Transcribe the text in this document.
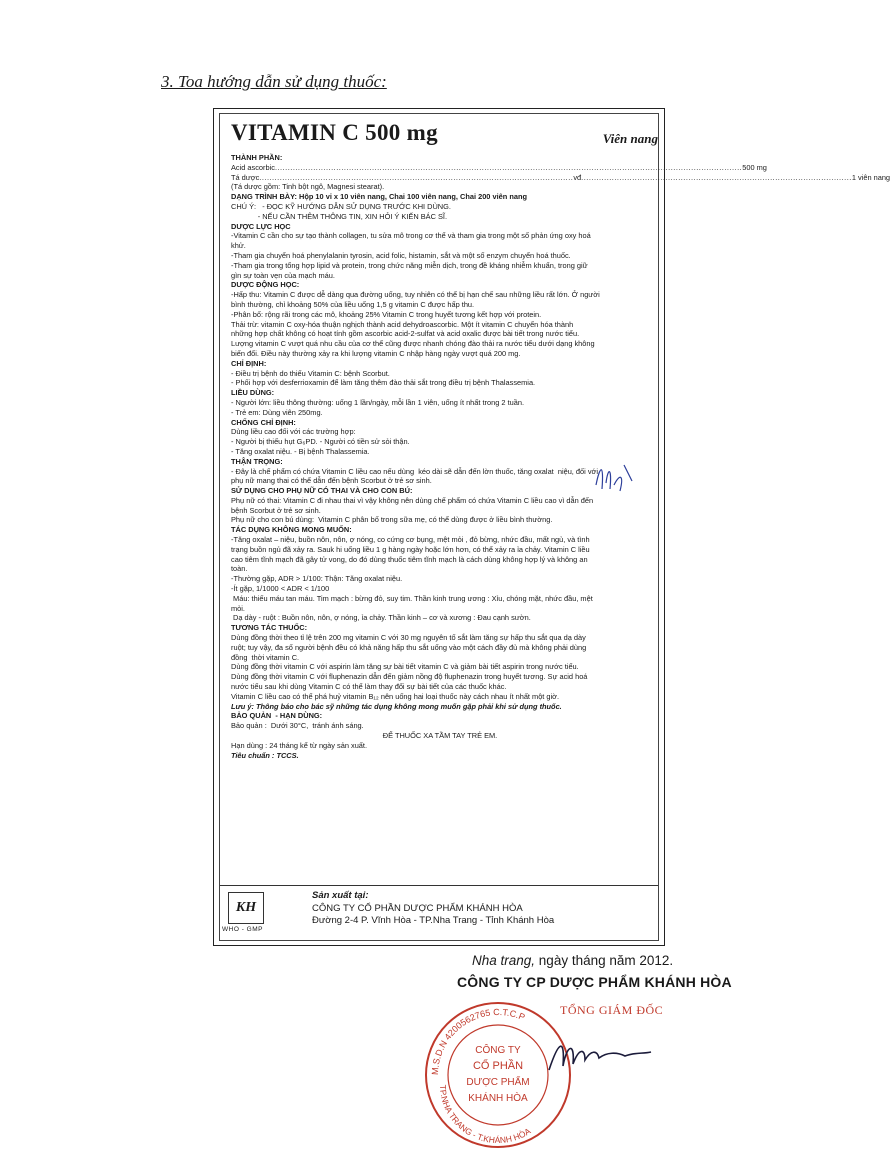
3. Toa hướng dẫn sử dụng thuốc:
VITAMIN C 500 mg	Viên nang
THÀNH PHẦN:
Acid ascorbic ....................................................................................................................................................................................... 500 mg
Tá dược ........................................................................................................................... vđ .......................................................................................................... 1 viên nang
(Tá dược gồm: Tinh bột ngô, Magnesi stearat).
DẠNG TRÌNH BÀY: Hộp 10 vỉ x 10 viên nang, Chai 100 viên nang, Chai 200 viên nang
CHÚ Ý:   - ĐỌC KỸ HƯỚNG DẪN SỬ DỤNG TRƯỚC KHI DÙNG.
- NẾU CẦN THÊM THÔNG TIN, XIN HỎI Ý KIẾN BÁC SĨ.
DƯỢC LỰC HỌC
-Vitamin C cần cho sự tạo thành collagen, tu sửa mô trong cơ thể và tham gia trong một số phản ứng oxy hoá
khử.
-Tham gia chuyển hoá phenylalanin tyrosin, acid folic, histamin, sắt và một số enzym chuyển hoá thuốc.
-Tham gia trong tổng hợp lipid và protein, trong chức năng miễn dịch, trong đề kháng nhiễm khuẩn, trong giữ
gìn sự toàn vẹn của mạch máu.
DƯỢC ĐỘNG HỌC:
-Hấp thu: Vitamin C được dễ dàng qua đường uống, tuy nhiên có thể bị hạn chế sau những liều rất lớn. Ở người
bình thường, chỉ khoảng 50% của liều uống 1,5 g vitamin C được hấp thu.
-Phân bố: rộng rãi trong các mô, khoảng 25% Vitamin C trong huyết tương kết hợp với protein.
Thải trừ: vitamin C oxy-hóa thuận nghịch thành acid dehydroascorbic. Một ít vitamin C chuyển hóa thành
những hợp chất không có hoạt tính gồm ascorbic acid-2-sulfat và acid oxalic được bài tiết trong nước tiểu.
Lượng vitamin C vượt quá nhu cầu của cơ thể cũng được nhanh chóng đào thải ra nước tiểu dưới dạng không
biến đổi. Điều này thường xảy ra khi lượng vitamin C nhập hàng ngày vượt quá 200 mg.
CHỈ ĐỊNH:
- Điều trị bệnh do thiếu Vitamin C: bệnh Scorbut.
- Phối hợp với desferrioxamin để làm tăng thêm đào thải sắt trong điều trị bệnh Thalassemia.
LIỀU DÙNG:
- Người lớn: liều thông thường: uống 1 lần/ngày, mỗi lần 1 viên, uống ít nhất trong 2 tuần.
- Trẻ em: Dùng viên 250mg.
CHỐNG CHỈ ĐỊNH:
Dùng liều cao đối với các trường hợp:
- Người bị thiếu hụt G₆PD. - Người có tiền sử sỏi thận.
- Tăng oxalat niệu. - Bị bệnh Thalassemia.
THẬN TRỌNG:
- Đây là chế phẩm có chứa Vitamin C liều cao nếu dùng  kéo dài sẽ dẫn đến lờn thuốc, tăng oxalat  niệu, đối với
phụ nữ mang thai có thể dẫn đến bệnh Scorbut ở trẻ sơ sinh.
SỬ DỤNG CHO PHỤ NỮ CÓ THAI VÀ CHO CON BÚ:
Phụ nữ có thai: Vitamin C đi nhau thai vì vậy không nên dùng chế phẩm có chứa Vitamin C liều cao vì dẫn đến
bệnh Scorbut ở trẻ sơ sinh.
Phụ nữ cho con bú dùng:  Vitamin C phân bố trong sữa mẹ, có thể dùng được ở liều bình thường.
TÁC DỤNG KHÔNG MONG MUỐN:
-Tăng oxalat – niệu, buồn nôn, nôn, ợ nóng, co cứng cơ bụng, mệt mỏi , đỏ bừng, nhức đầu, mất ngủ, và tình
trạng buồn ngủ đã xảy ra. Sauk hi uống liều 1 g hàng ngày hoặc lớn hơn, có thể xảy ra ỉa chảy. Vitamin C liều
cao tiêm tĩnh mạch đã gây tử vong, do đó dùng thuốc tiêm tĩnh mạch là cách dùng không hợp lý và không an
toàn.
-Thường gặp, ADR > 1/100: Thận: Tăng oxalat niệu.
-Ít gặp, 1/1000 < ADR < 1/100
Máu: thiếu máu tan máu. Tim mạch : bừng đỏ, suy tim. Thần kinh trung ương : Xỉu, chóng mặt, nhức đầu, mệt
mỏi.
Dạ dày - ruột : Buồn nôn, nôn, ợ nóng, ỉa chảy. Thần kinh – cơ và xương : Đau cạnh sườn.
TƯƠNG TÁC THUỐC:
Dùng đồng thời theo tỉ lệ trên 200 mg vitamin C với 30 mg nguyên tố sắt làm tăng sự hấp thu sắt qua dạ dày
ruột; tuy vậy, đa số người bệnh đều có khả năng hấp thu sắt uống vào một cách đầy đủ mà không phải dùng
đồng  thời vitamin C.
Dùng đồng thời vitamin C với aspirin làm tăng sự bài tiết vitamin C và giảm bài tiết aspirin trong nước tiểu.
Dùng đồng thời vitamin C với fluphenazin dẫn đến giảm nồng độ fluphenazin trong huyết tương. Sự acid hoá
nước tiểu sau khi dùng Vitamin C có thể làm thay đổi sự bài tiết của các thuốc khác.
Vitamin C liều cao có thể phá huỷ vitamin B₁₂ nên uống hai loại thuốc này cách nhau ít nhất một giờ.
Lưu ý: Thông báo cho bác sỹ những tác dụng không mong muốn gặp phải khi sử dụng thuốc.
BẢO QUẢN  - HẠN DÙNG:
Bảo quản :  Dưới 30°C,  tránh ánh sáng.
ĐỂ THUỐC XA TẦM TAY TRẺ EM.
Hạn dùng : 24 tháng kể từ ngày sản xuất.
Tiêu chuẩn : TCCS.
KH
WHO - GMP
Sản xuất tại:
CÔNG TY CỔ PHẦN DƯỢC PHẨM KHÁNH HÒA
Đường 2-4 P. Vĩnh Hòa - TP.Nha Trang - Tỉnh Khánh Hòa
Nha trang, ngày tháng năm 2012.
CÔNG TY CP DƯỢC PHẨM KHÁNH HÒA
TỔNG GIÁM ĐỐC
M.S.D.N 4200562765 C.T.C.P
TP.NHA TRANG - T.KHÁNH HÒA
CÔNG TY
CỔ PHẦN
DƯỢC PHẨM
KHÁNH HÒA
